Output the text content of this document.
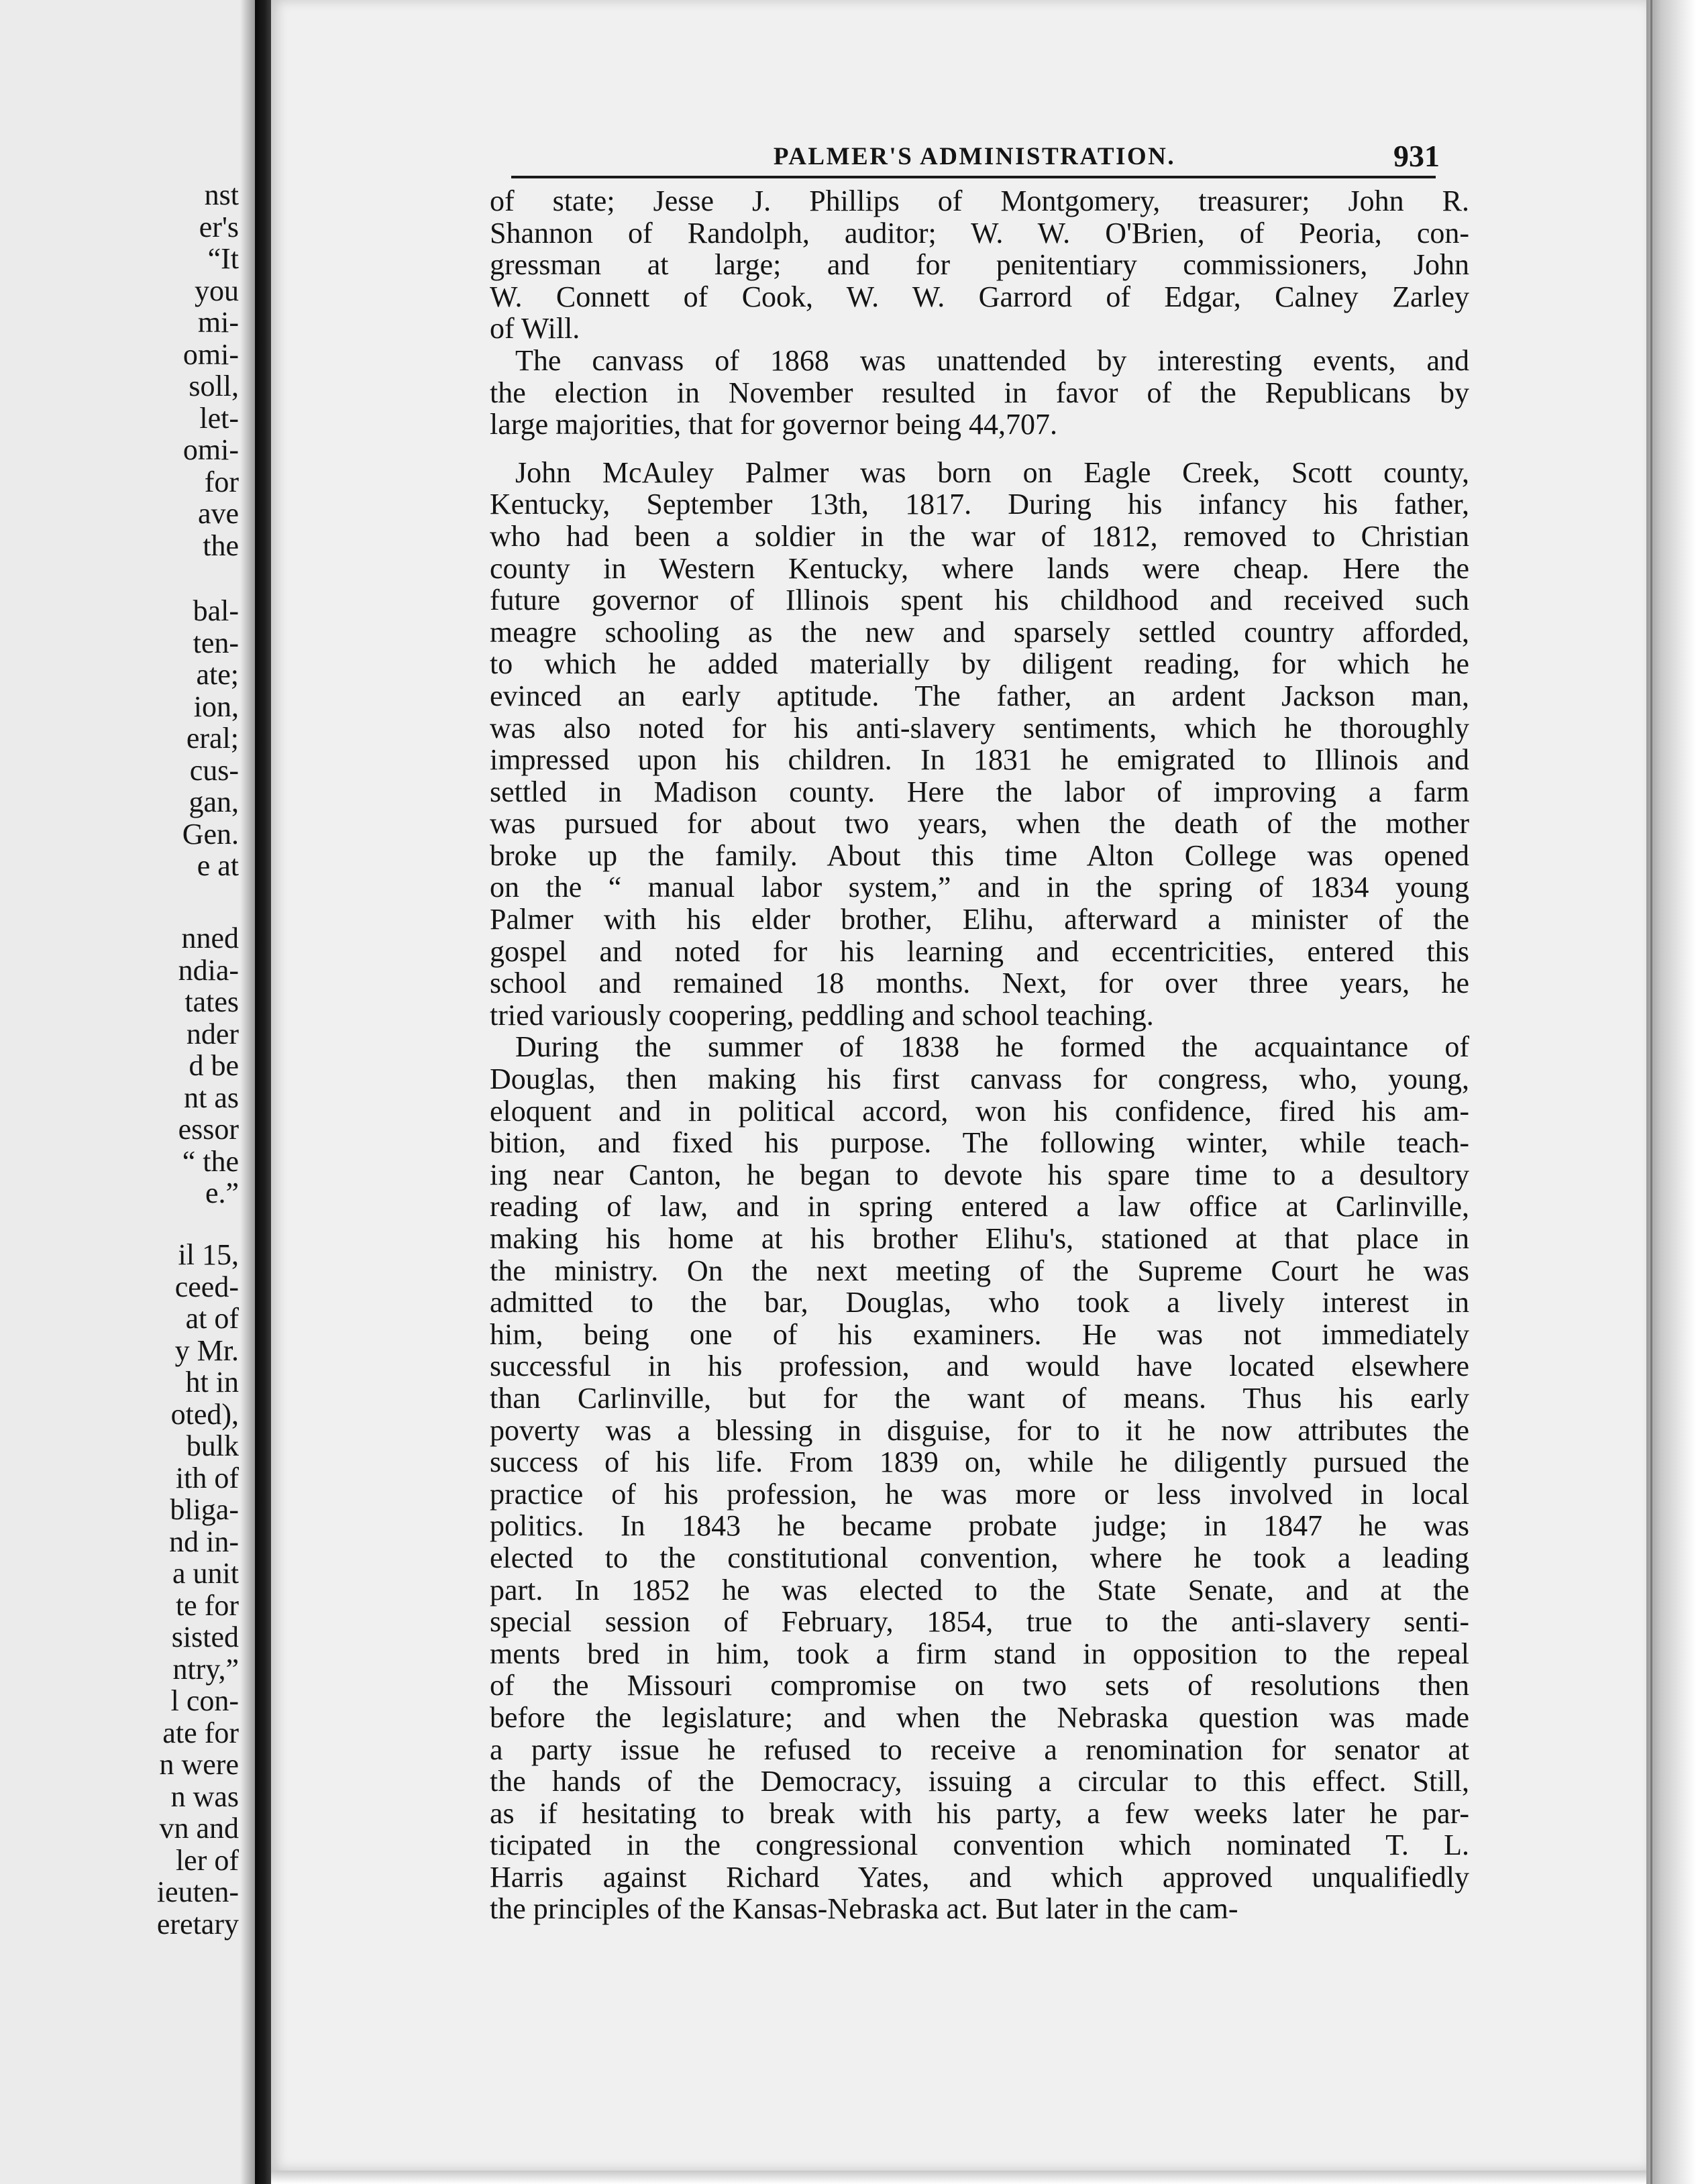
nst
er's
“It
you
mi-
omi-
soll,
let-
omi-
for
ave
the
bal-
ten-
ate;
ion,
eral;
cus-
gan,
Gen.
e at
nned
ndia-
tates
nder
d be
nt as
essor
“ the
e.”
il 15,
ceed-
at of
y Mr.
ht in
oted),
bulk
ith of
bliga-
nd in-
a unit
te for
sisted
ntry,”
l con-
ate for
n were
n was
vn and
ler of
ieuten-
eretary
PALMER'S ADMINISTRATION.	931
of state; Jesse J. Phillips of Montgomery, treasurer; John R.
Shannon of Randolph, auditor; W. W. O'Brien, of Peoria, con-
gressman at large; and for penitentiary commissioners, John
W. Connett of Cook, W. W. Garrord of Edgar, Calney Zarley
of Will.
The canvass of 1868 was unattended by interesting events, and
the election in November resulted in favor of the Republicans by
large majorities, that for governor being 44,707.
John McAuley Palmer was born on Eagle Creek, Scott county,
Kentucky, September 13th, 1817. During his infancy his father,
who had been a soldier in the war of 1812, removed to Christian
county in Western Kentucky, where lands were cheap. Here the
future governor of Illinois spent his childhood and received such
meagre schooling as the new and sparsely settled country afforded,
to which he added materially by diligent reading, for which he
evinced an early aptitude. The father, an ardent Jackson man,
was also noted for his anti-slavery sentiments, which he thoroughly
impressed upon his children. In 1831 he emigrated to Illinois and
settled in Madison county. Here the labor of improving a farm
was pursued for about two years, when the death of the mother
broke up the family. About this time Alton College was opened
on the “ manual labor system,” and in the spring of 1834 young
Palmer with his elder brother, Elihu, afterward a minister of the
gospel and noted for his learning and eccentricities, entered this
school and remained 18 months. Next, for over three years, he
tried variously coopering, peddling and school teaching.
During the summer of 1838 he formed the acquaintance of
Douglas, then making his first canvass for congress, who, young,
eloquent and in political accord, won his confidence, fired his am-
bition, and fixed his purpose. The following winter, while teach-
ing near Canton, he began to devote his spare time to a desultory
reading of law, and in spring entered a law office at Carlinville,
making his home at his brother Elihu's, stationed at that place in
the ministry. On the next meeting of the Supreme Court he was
admitted to the bar, Douglas, who took a lively interest in
him, being one of his examiners. He was not immediately
successful in his profession, and would have located elsewhere
than Carlinville, but for the want of means. Thus his early
poverty was a blessing in disguise, for to it he now attributes the
success of his life. From 1839 on, while he diligently pursued the
practice of his profession, he was more or less involved in local
politics. In 1843 he became probate judge; in 1847 he was
elected to the constitutional convention, where he took a leading
part. In 1852 he was elected to the State Senate, and at the
special session of February, 1854, true to the anti-slavery senti-
ments bred in him, took a firm stand in opposition to the repeal
of the Missouri compromise on two sets of resolutions then
before the legislature; and when the Nebraska question was made
a party issue he refused to receive a renomination for senator at
the hands of the Democracy, issuing a circular to this effect. Still,
as if hesitating to break with his party, a few weeks later he par-
ticipated in the congressional convention which nominated T. L.
Harris against Richard Yates, and which approved unqualifiedly
the principles of the Kansas-Nebraska act. But later in the cam-
